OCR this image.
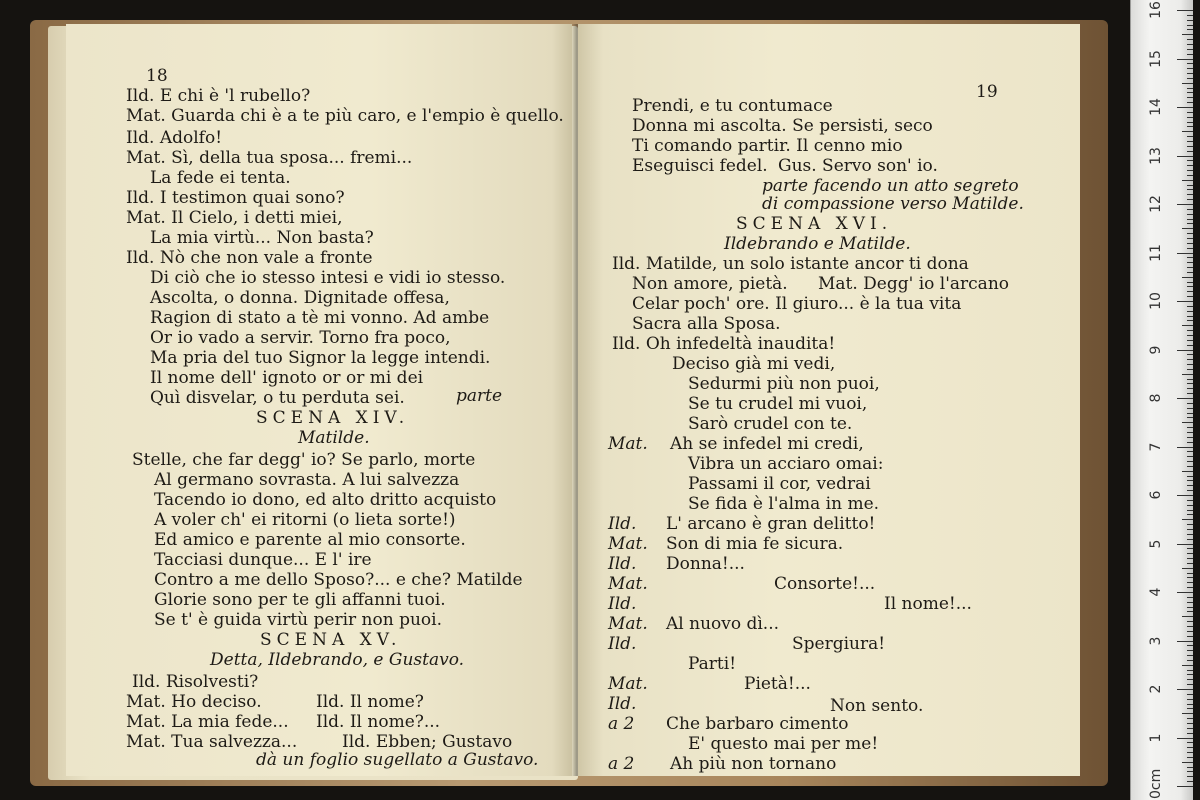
18
Ild. E chi è 'l rubello?
Mat. Guarda chi è a te più caro, e l'empio è quello.
Ild. Adolfo!
Mat. Sì, della tua sposa... fremi...
La fede ei tenta.
Ild. I testimon quai sono?
Mat. Il Cielo, i detti miei,
La mia virtù... Non basta?
Ild. Nò che non vale a fronte
Di ciò che io stesso intesi e vidi io stesso.
Ascolta, o donna. Dignitade offesa,
Ragion di stato a tè mi vonno. Ad ambe
Or io vado a servir. Torno fra poco,
Ma pria del tuo Signor la legge intendi.
Il nome dell' ignoto or or mi dei
Quì disvelar, o tu perduta sei.	parte
SCENA XIV.
Matilde.
Stelle, che far degg' io? Se parlo, morte
Al germano sovrasta. A lui salvezza
Tacendo io dono, ed alto dritto acquisto
A voler ch' ei ritorni (o lieta sorte!)
Ed amico e parente al mio consorte.
Tacciasi dunque... E l' ire
Contro a me dello Sposo?... e che? Matilde
Glorie sono per te gli affanni tuoi.
Se t' è guida virtù perir non puoi.
SCENA XV.
Detta, Ildebrando, e Gustavo.
Ild. Risolvesti?
Mat. Ho deciso.	Ild. Il nome?
Mat. La mia fede... Ild. Il nome?...
Mat. Tua salvezza...	Ild. Ebben; Gustavo
dà un foglio sugellato a Gustavo.
19
Prendi, e tu contumace
Donna mi ascolta. Se persisti, seco
Ti comando partir. Il cenno mio
Eseguisci fedel. Gus. Servo son' io.
parte facendo un atto segreto
di compassione verso Matilde.
SCENA XVI.
Ildebrando e Matilde.
Ild. Matilde, un solo istante ancor ti dona
Non amore, pietà. Mat. Degg' io l'arcano
Celar poch' ore. Il giuro... è la tua vita
Sacra alla Sposa.
Ild. Oh infedeltà inaudita!
Deciso già mi vedi,
Sedurmi più non puoi,
Se tu crudel mi vuoi,
Sarò crudel con te.
Mat. Ah se infedel mi credi,
Vibra un acciaro omai:
Passami il cor, vedrai
Se fida è l'alma in me.
Ild. L' arcano è gran delitto!
Mat. Son di mia fe sicura.
Ild. Donna!...
Mat.	Consorte!...
Ild.	Il nome!...
Mat. Al nuovo dì...
Ild.	Spergiura!
Parti!
Mat.	Pietà!...
Ild.	Non sento.
a 2 Che barbaro cimento
E' questo mai per me!
a 2 Ah più non tornano
16
15
14
13
12
11
10
9
8
7
6
5
4
3
2
1
0cm
